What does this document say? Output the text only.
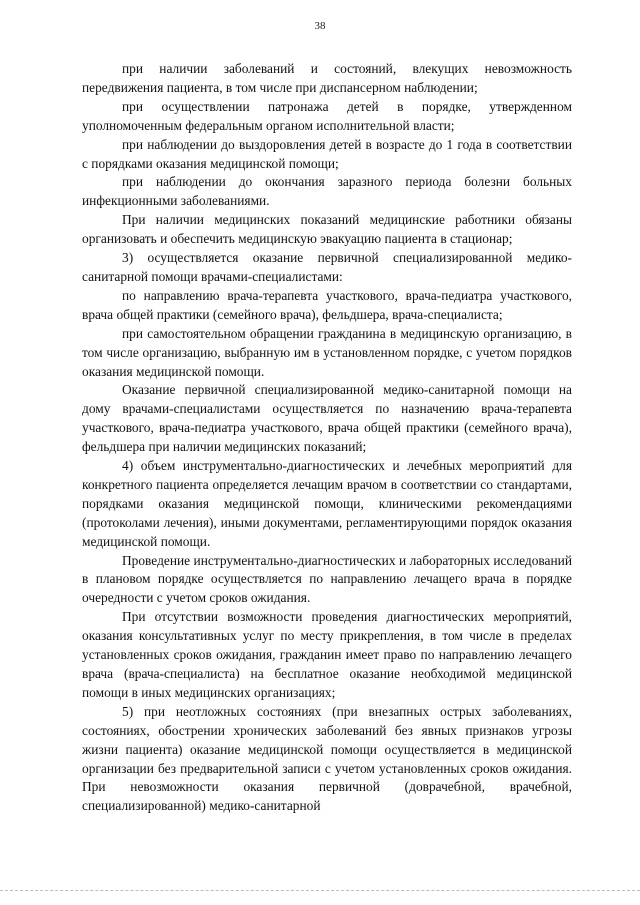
38

при наличии заболеваний и состояний, влекущих невозможность передвижения пациента, в том числе при диспансерном наблюдении;

при осуществлении патронажа детей в порядке, утвержденном уполномоченным федеральным органом исполнительной власти;

при наблюдении до выздоровления детей в возрасте до 1 года в соответствии с порядками оказания медицинской помощи;

при наблюдении до окончания заразного периода болезни больных инфекционными заболеваниями.

При наличии медицинских показаний медицинские работники обязаны организовать и обеспечить медицинскую эвакуацию пациента в стационар;

3) осуществляется оказание первичной специализированной медико-санитарной помощи врачами-специалистами:

по направлению врача-терапевта участкового, врача-педиатра участкового, врача общей практики (семейного врача), фельдшера, врача-специалиста;

при самостоятельном обращении гражданина в медицинскую организацию, в том числе организацию, выбранную им в установленном порядке, с учетом порядков оказания медицинской помощи.

Оказание первичной специализированной медико-санитарной помощи на дому врачами-специалистами осуществляется по назначению врача-терапевта участкового, врача-педиатра участкового, врача общей практики (семейного врача), фельдшера при наличии медицинских показаний;

4) объем инструментально-диагностических и лечебных мероприятий для конкретного пациента определяется лечащим врачом в соответствии со стандартами, порядками оказания медицинской помощи, клиническими рекомендациями (протоколами лечения), иными документами, регламентирующими порядок оказания медицинской помощи.

Проведение инструментально-диагностических и лабораторных исследований в плановом порядке осуществляется по направлению лечащего врача в порядке очередности с учетом сроков ожидания.

При отсутствии возможности проведения диагностических мероприятий, оказания консультативных услуг по месту прикрепления, в том числе в пределах установленных сроков ожидания, гражданин имеет право по направлению лечащего врача (врача-специалиста) на бесплатное оказание необходимой медицинской помощи в иных медицинских организациях;

5) при неотложных состояниях (при внезапных острых заболеваниях, состояниях, обострении хронических заболеваний без явных признаков угрозы жизни пациента) оказание медицинской помощи осуществляется в медицинской организации без предварительной записи с учетом установленных сроков ожидания. При невозможности оказания первичной (доврачебной, врачебной, специализированной) медико-санитарной
